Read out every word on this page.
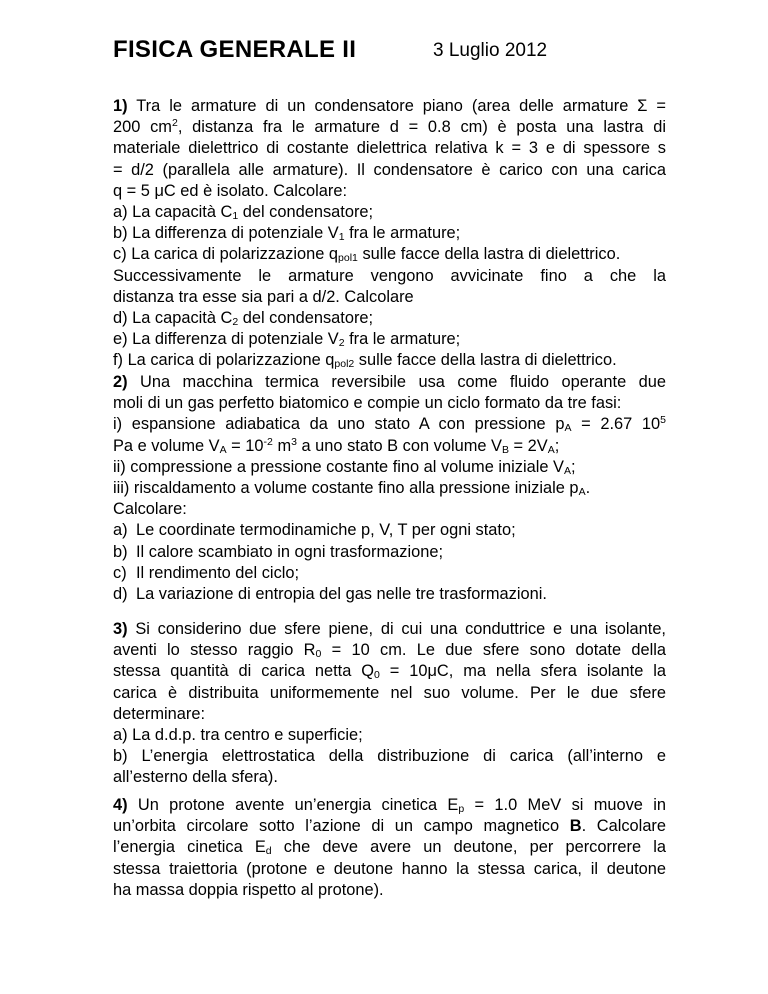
FISICA GENERALE II	3 Luglio 2012

1) Tra le armature di un condensatore piano (area delle armature Σ =

200 $cm^2$, distanza fra le armature d = 0.8 cm) è posta una lastra di

materiale dielettrico di costante dielettrica relativa k = 3 e di spessore s

= d/2 (parallela alle armature). Il condensatore è carico con una carica

q = 5 μC ed è isolato. Calcolare:

a) La capacità $C_1$ del condensatore;

b) La differenza di potenziale $V_1$ fra le armature;

c) La carica di polarizzazione $q_{pol1}$ sulle facce della lastra di dielettrico.

Successivamente le armature vengono avvicinate fino a che la

distanza tra esse sia pari a d/2. Calcolare

d) La capacità $C_2$ del condensatore;

e) La differenza di potenziale $V_2$ fra le armature;

f) La carica di polarizzazione $q_{pol2}$ sulle facce della lastra di dielettrico.

2) Una macchina termica reversibile usa come fluido operante due

moli di un gas perfetto biatomico e compie un ciclo formato da tre fasi:

i) espansione adiabatica da uno stato A con pressione $p_A = 2.67$ $10^5$

Pa e volume $V_A = 10^{-2}$ $m^3$ a uno stato B con volume $V_B = 2V_A$;

ii) compressione a pressione costante fino al volume iniziale $V_A$;

iii) riscaldamento a volume costante fino alla pressione iniziale $p_A$.

Calcolare:

a) Le coordinate termodinamiche p, V, T per ogni stato;
b) Il calore scambiato in ogni trasformazione;
c) Il rendimento del ciclo;
d) La variazione di entropia del gas nelle tre trasformazioni.

3) Si considerino due sfere piene, di cui una conduttrice e una isolante,

aventi lo stesso raggio $R_0 = 10$ cm. Le due sfere sono dotate della

stessa quantità di carica netta $Q_0 = 10\mu C$, ma nella sfera isolante la

carica è distribuita uniformemente nel suo volume. Per le due sfere

determinare:

a) La d.d.p. tra centro e superficie;

b) L’energia elettrostatica della distribuzione di carica (all’interno e

all’esterno della sfera).

4) Un protone avente un’energia cinetica $E_p = 1.0$ MeV si muove in

un’orbita circolare sotto l’azione di un campo magnetico B. Calcolare

l’energia cinetica $E_d$ che deve avere un deutone, per percorrere la

stessa traiettoria (protone e deutone hanno la stessa carica, il deutone

ha massa doppia rispetto al protone).
